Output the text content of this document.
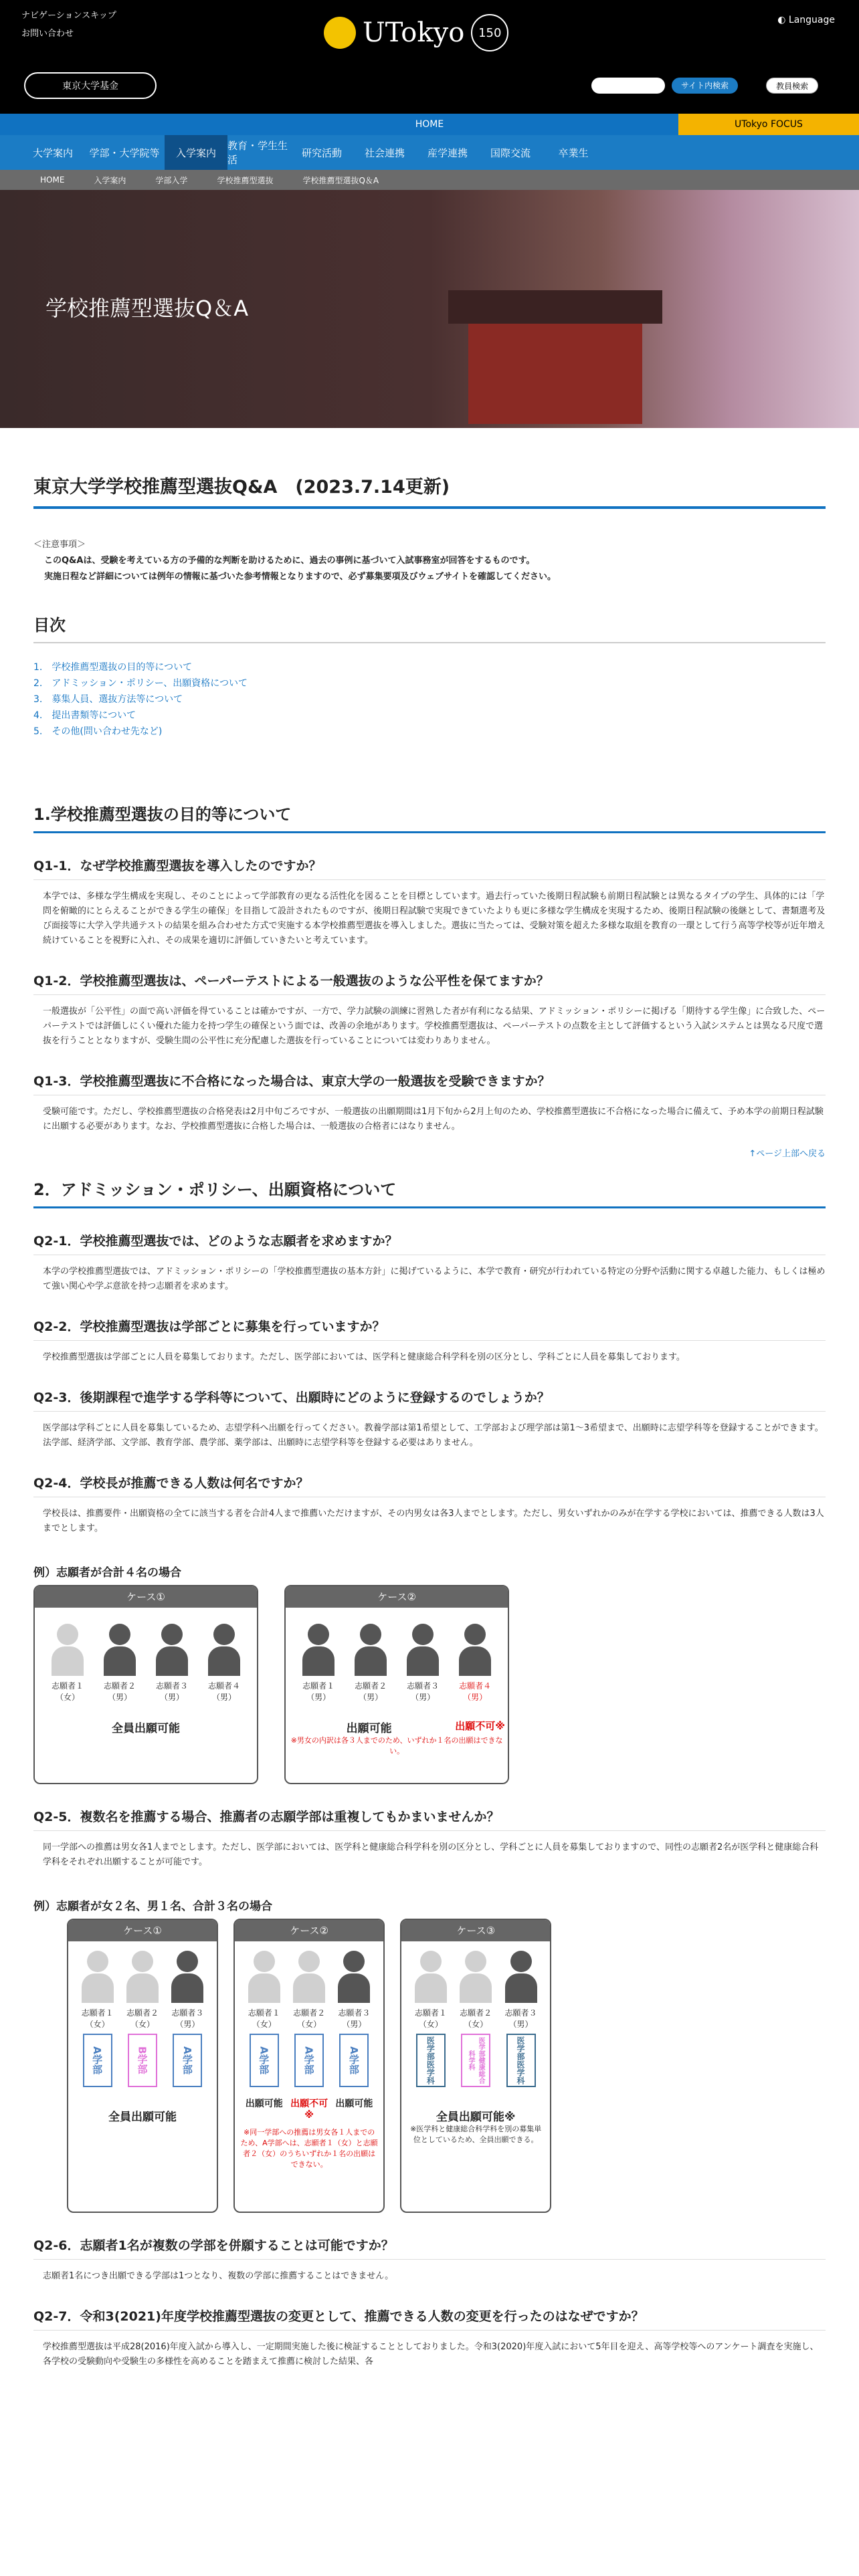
ナビゲーションスキップ
お問い合わせ	UTokyo	150
◐ Language
東京大学基金	サイト内検索	教員検索
HOME	UTokyo FOCUS
大学案内	学部・大学院等	入学案内
教育・学生生活
研究活動	社会連携	産学連携	国際交流	卒業生
HOME	入学案内	学部入学	学校推薦型選抜	学校推薦型選抜Q＆A
学校推薦型選抜Q＆A
東京大学学校推薦型選抜Q&A　(2023.7.14更新)
＜注意事項＞
このQ&Aは、受験を考えている方の予備的な判断を助けるために、過去の事例に基づいて入試事務室が回答をするものです。
実施日程など詳細については例年の情報に基づいた参考情報となりますので、必ず募集要項及びウェブサイトを確認してください。
目次
1.　学校推薦型選抜の目的等について
2.　アドミッション・ポリシー、出願資格について
3.　募集人員、選抜方法等について
4.　提出書類等について
5.　その他(問い合わせ先など)
1.学校推薦型選抜の目的等について
Q1-1．なぜ学校推薦型選抜を導入したのですか？
本学では、多様な学生構成を実現し、そのことによって学部教育の更なる活性化を図ることを目標としています。過去行っていた後期日程試験も前期日程試験とは異なるタイプの学生、具体的には「学問を俯瞰的にとらえることができる学生の確保」を目指して設計されたものですが、後期日程試験で実現できていたよりも更に多様な学生構成を実現するため、後期日程試験の後継として、書類選考及び面接等に大学入学共通テストの結果を組み合わせた方式で実施する本学校推薦型選抜を導入しました。選抜に当たっては、受験対策を超えた多様な取組を教育の一環として行う高等学校等が近年増え続けていることを視野に入れ、その成果を適切に評価していきたいと考えています。
Q1-2．学校推薦型選抜は、ペーパーテストによる一般選抜のような公平性を保てますか？
一般選抜が「公平性」の面で高い評価を得ていることは確かですが、一方で、学力試験の訓練に習熟した者が有利になる結果、アドミッション・ポリシーに掲げる「期待する学生像」に合致した、ペーパーテストでは評価しにくい優れた能力を持つ学生の確保という面では、改善の余地があります。学校推薦型選抜は、ペーパーテストの点数を主として評価するという入試システムとは異なる尺度で選抜を行うこととなりますが、受験生間の公平性に充分配慮した選抜を行っていることについては変わりありません。
Q1-3．学校推薦型選抜に不合格になった場合は、東京大学の一般選抜を受験できますか？
受験可能です。ただし、学校推薦型選抜の合格発表は2月中旬ごろですが、一般選抜の出願期間は1月下旬から2月上旬のため、学校推薦型選抜に不合格になった場合に備えて、予め本学の前期日程試験に出願する必要があります。なお、学校推薦型選抜に合格した場合は、一般選抜の合格者にはなりません。
↑ページ上部へ戻る
2．アドミッション・ポリシー、出願資格について
Q2-1．学校推薦型選抜では、どのような志願者を求めますか？
本学の学校推薦型選抜では、アドミッション・ポリシーの「学校推薦型選抜の基本方針」に掲げているように、本学で教育・研究が行われている特定の分野や活動に関する卓越した能力、もしくは極めて強い関心や学ぶ意欲を持つ志願者を求めます。
Q2-2．学校推薦型選抜は学部ごとに募集を行っていますか？
学校推薦型選抜は学部ごとに人員を募集しております。ただし、医学部においては、医学科と健康総合科学科を別の区分とし、学科ごとに人員を募集しております。
Q2-3．後期課程で進学する学科等について、出願時にどのように登録するのでしょうか？
医学部は学科ごとに人員を募集しているため、志望学科へ出願を行ってください。教養学部は第1希望として、工学部および理学部は第1～3希望まで、出願時に志望学科等を登録することができます。法学部、経済学部、文学部、教育学部、農学部、薬学部は、出願時に志望学科等を登録する必要はありません。
Q2-4．学校長が推薦できる人数は何名ですか？
学校長は、推薦要件・出願資格の全てに該当する者を合計4人まで推薦いただけますが、その内男女は各3人までとします。ただし、男女いずれかのみが在学する学校においては、推薦できる人数は3人までとします。
例）志願者が合計４名の場合
ケース①
志願者１
（女）
志願者２
（男）
志願者３
（男）
志願者４
（男）
全員出願可能

ケース②
志願者１
（男）
志願者２
（男）
志願者３
（男）
志願者４
（男）
出願可能	出願不可※
※男女の内訳は各３人までのため、いずれか１名の出願はできない。
Q2-5．複数名を推薦する場合、推薦者の志願学部は重複してもかまいませんか？
同一学部への推薦は男女各1人までとします。ただし、医学部においては、医学科と健康総合科学科を別の区分とし、学科ごとに人員を募集しておりますので、同性の志願者2名が医学科と健康総合科学科をそれぞれ出願することが可能です。
例）志願者が女２名、男１名、合計３名の場合
ケース①
志願者１
（女）
A学部
志願者２
（女）
B学部
志願者３
（男）
A学部
全員出願可能

ケース②
志願者１
（女）
A学部
出願可能
志願者２
（女）
A学部
出願不可※
志願者３
（男）
A学部
出願可能
※同一学部への推薦は男女各１人までのため、A学部へは、志願者１（女）と志願者２（女）のうちいずれか１名の出願はできない。

ケース③
志願者１
（女）
医学部医学科
志願者２
（女）
医学部健康総合科学科
志願者３
（男）
医学部医学科
全員出願可能※
※医学科と健康総合科学科を別の募集単位としているため、全員出願できる。
Q2-6．志願者1名が複数の学部を併願することは可能ですか？
志願者1名につき出願できる学部は1つとなり、複数の学部に推薦することはできません。
Q2-7．令和3(2021)年度学校推薦型選抜の変更として、推薦できる人数の変更を行ったのはなぜですか？
学校推薦型選抜は平成28(2016)年度入試から導入し、一定期間実施した後に検証することとしておりました。令和3(2020)年度入試において5年目を迎え、高等学校等へのアンケート調査を実施し、各学校の受験動向や受験生の多様性を高めることを踏まえて推薦に検討した結果、各
